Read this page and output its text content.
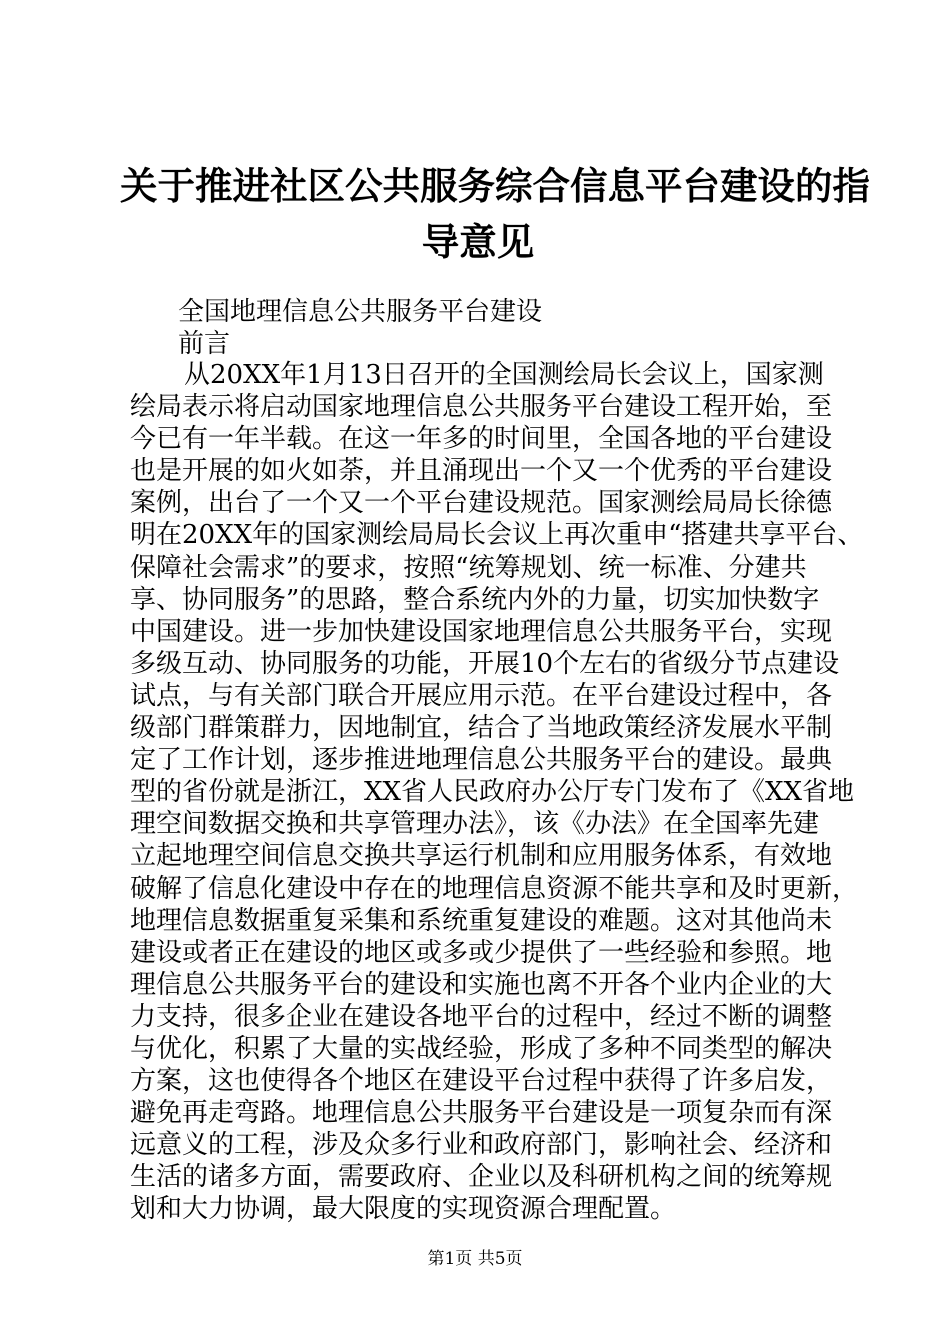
关于推进社区公共服务综合信息平台建设的指
导意见
全国地理信息公共服务平台建设
前言
从20XX年1月13日召开的全国测绘局长会议上，国家测
绘局表示将启动国家地理信息公共服务平台建设工程开始，至
今已有一年半载。在这一年多的时间里，全国各地的平台建设
也是开展的如火如荼，并且涌现出一个又一个优秀的平台建设
案例，出台了一个又一个平台建设规范。国家测绘局局长徐德
明在20XX年的国家测绘局局长会议上再次重申“搭建共享平台、
保障社会需求”的要求，按照“统筹规划、统一标准、分建共
享、协同服务”的思路，整合系统内外的力量，切实加快数字
中国建设。进一步加快建设国家地理信息公共服务平台，实现
多级互动、协同服务的功能，开展10个左右的省级分节点建设
试点，与有关部门联合开展应用示范。在平台建设过程中，各
级部门群策群力，因地制宜，结合了当地政策经济发展水平制
定了工作计划，逐步推进地理信息公共服务平台的建设。最典
型的省份就是浙江，XX省人民政府办公厅专门发布了《XX省地
理空间数据交换和共享管理办法》，该《办法》在全国率先建
立起地理空间信息交换共享运行机制和应用服务体系，有效地
破解了信息化建设中存在的地理信息资源不能共享和及时更新，
地理信息数据重复采集和系统重复建设的难题。这对其他尚未
建设或者正在建设的地区或多或少提供了一些经验和参照。地
理信息公共服务平台的建设和实施也离不开各个业内企业的大
力支持，很多企业在建设各地平台的过程中，经过不断的调整
与优化，积累了大量的实战经验，形成了多种不同类型的解决
方案，这也使得各个地区在建设平台过程中获得了许多启发，
避免再走弯路。地理信息公共服务平台建设是一项复杂而有深
远意义的工程，涉及众多行业和政府部门，影响社会、经济和
生活的诸多方面，需要政府、企业以及科研机构之间的统筹规
划和大力协调，最大限度的实现资源合理配置。
第1页 共5页
